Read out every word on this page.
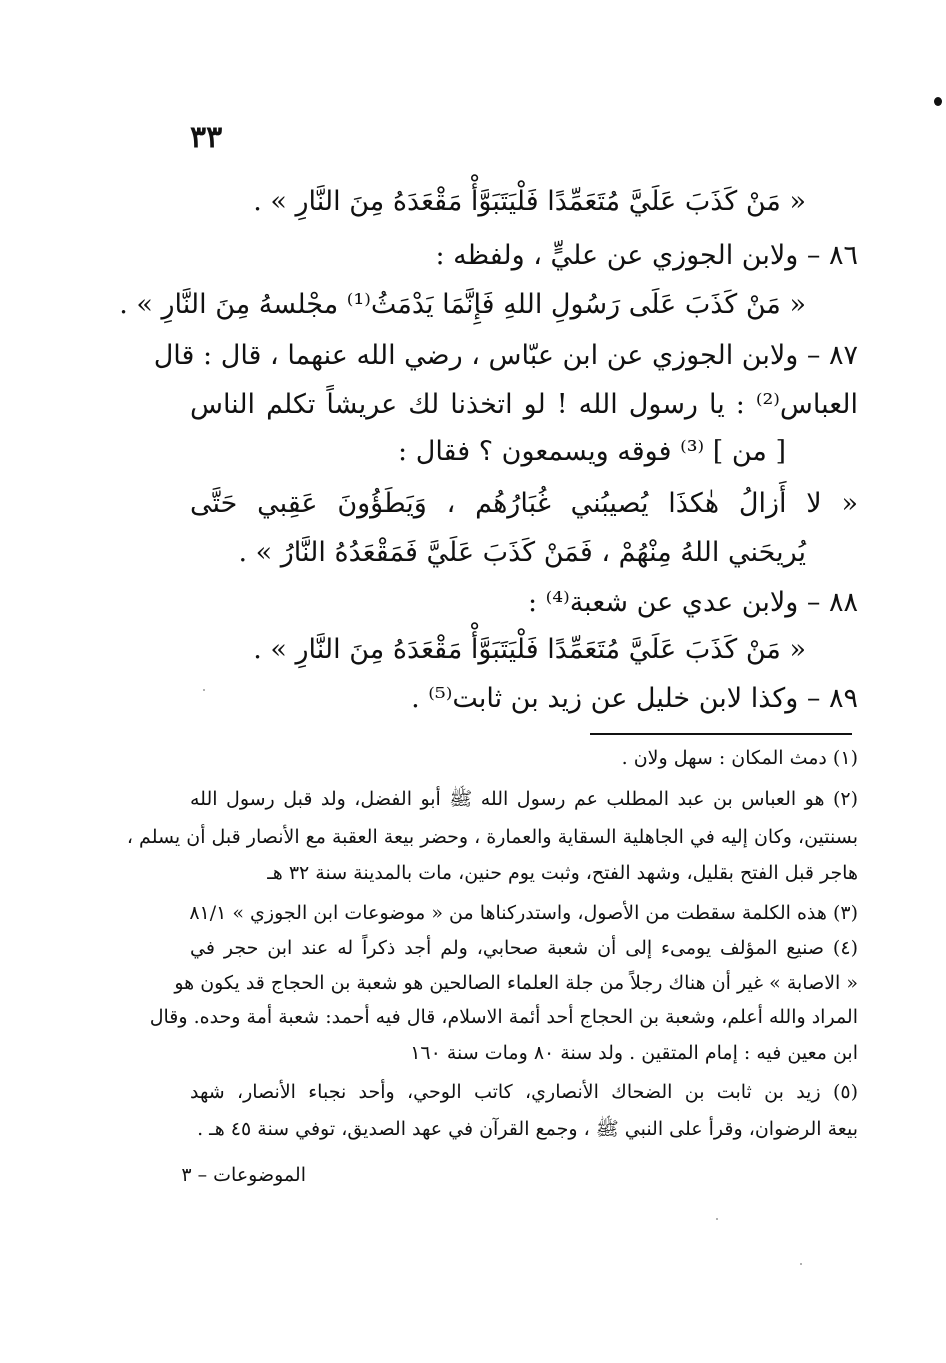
٣٣
« مَنْ كَذَبَ عَلَيَّ مُتَعَمِّدًا فَلْيَتَبَوَّأْ مَقْعَدَهُ مِنَ النَّارِ » .
٨٦ – ولابن الجوزي عن عليٍّ ، ولفظه :
« مَنْ كَذَبَ عَلَى رَسُولِ اللهِ فَإِنَّمَا يَدْمَثُ⁽¹⁾ مجْلسهُ مِنَ النَّارِ » .
٨٧ – ولابن الجوزي عن ابن عبّاس ، رضي الله عنهما ، قال : قال
العباس⁽²⁾ : يا رسول الله ! لو اتخذنا لك عريشاً تكلم الناس
[ من ] ⁽³⁾ فوقه ويسمعون ؟ فقال :
« لا أَزالُ هٰكذَا يُصيبُني غُبَارُهُم ، وَيَطَؤُونَ عَقِبي حَتَّى
يُريحَني اللهُ مِنْهُمْ ، فَمَنْ كَذَبَ عَلَيَّ فَمَقْعَدُهُ النَّارُ » .
٨٨ – ولابن عدي عن شعبة⁽⁴⁾ :
« مَنْ كَذَبَ عَلَيَّ مُتَعَمِّدًا فَلْيَتَبَوَّأْ مَقْعَدَهُ مِنَ النَّارِ » .
٨٩ – وكذا لابن خليل عن زيد بن ثابت⁽⁵⁾ .
(١) دمث المكان : سهل ولان .
(٢) هو العباس بن عبد المطلب عم رسول الله ﷺ أبو الفضل، ولد قبل رسول الله
بسنتين، وكان إليه في الجاهلية السقاية والعمارة ، وحضر بيعة العقبة مع الأنصار قبل أن يسلم ،
هاجر قبل الفتح بقليل، وشهد الفتح، وثبت يوم حنين، مات بالمدينة سنة ٣٢ هـ
(٣) هذه الكلمة سقطت من الأصول، واستدركناها من « موضوعات ابن الجوزي » ٨١/١
(٤) صنيع المؤلف يومىء إلى أن شعبة صحابي، ولم أجد ذكراً له عند ابن حجر في
« الاصابة » غير أن هناك رجلاً من جلة العلماء الصالحين هو شعبة بن الحجاج قد يكون هو
المراد والله أعلم، وشعبة بن الحجاج أحد أئمة الاسلام، قال فيه أحمد: شعبة أمة وحده. وقال
ابن معين فيه : إمام المتقين . ولد سنة ٨٠ ومات سنة ١٦٠
(٥) زيد بن ثابت بن الضحاك الأنصاري، كاتب الوحي، وأحد نجباء الأنصار، شهد
بيعة الرضوان، وقرأ على النبي ﷺ ، وجمع القرآن في عهد الصديق، توفي سنة ٤٥ هـ .
الموضوعات – ٣
